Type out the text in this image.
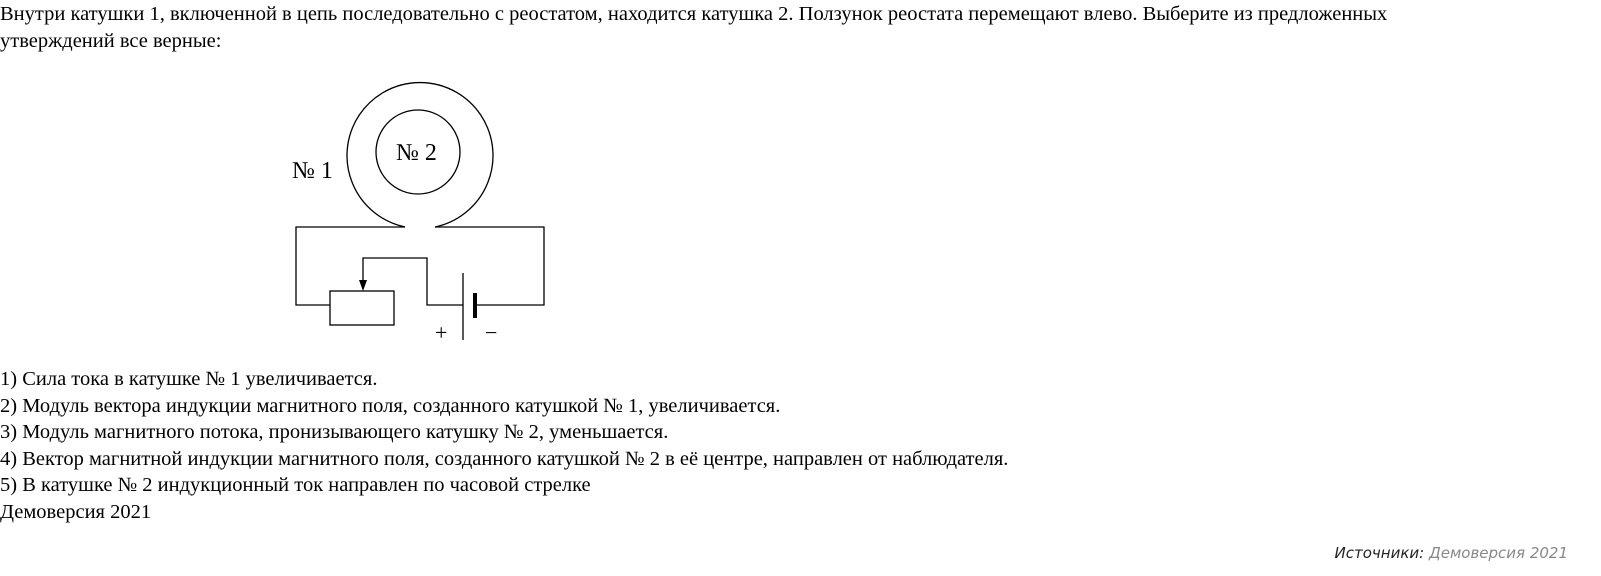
Внутри катушки 1, включенной в цепь последовательно с реостатом, находится катушка 2. Ползунок реостата перемещают влево. Выберите из предложенных утверждений все верные:
№ 1
№ 2
+ −
1) Сила тока в катушке № 1 увеличивается.
2) Модуль вектора индукции магнитного поля, созданного катушкой № 1, увеличивается.
3) Модуль магнитного потока, пронизывающего катушку № 2, уменьшается.
4) Вектор магнитной индукции магнитного поля, созданного катушкой № 2 в её центре, направлен от наблюдателя.
5) В катушке № 2 индукционный ток направлен по часовой стрелке
Демоверсия 2021
Источники: Демоверсия 2021
